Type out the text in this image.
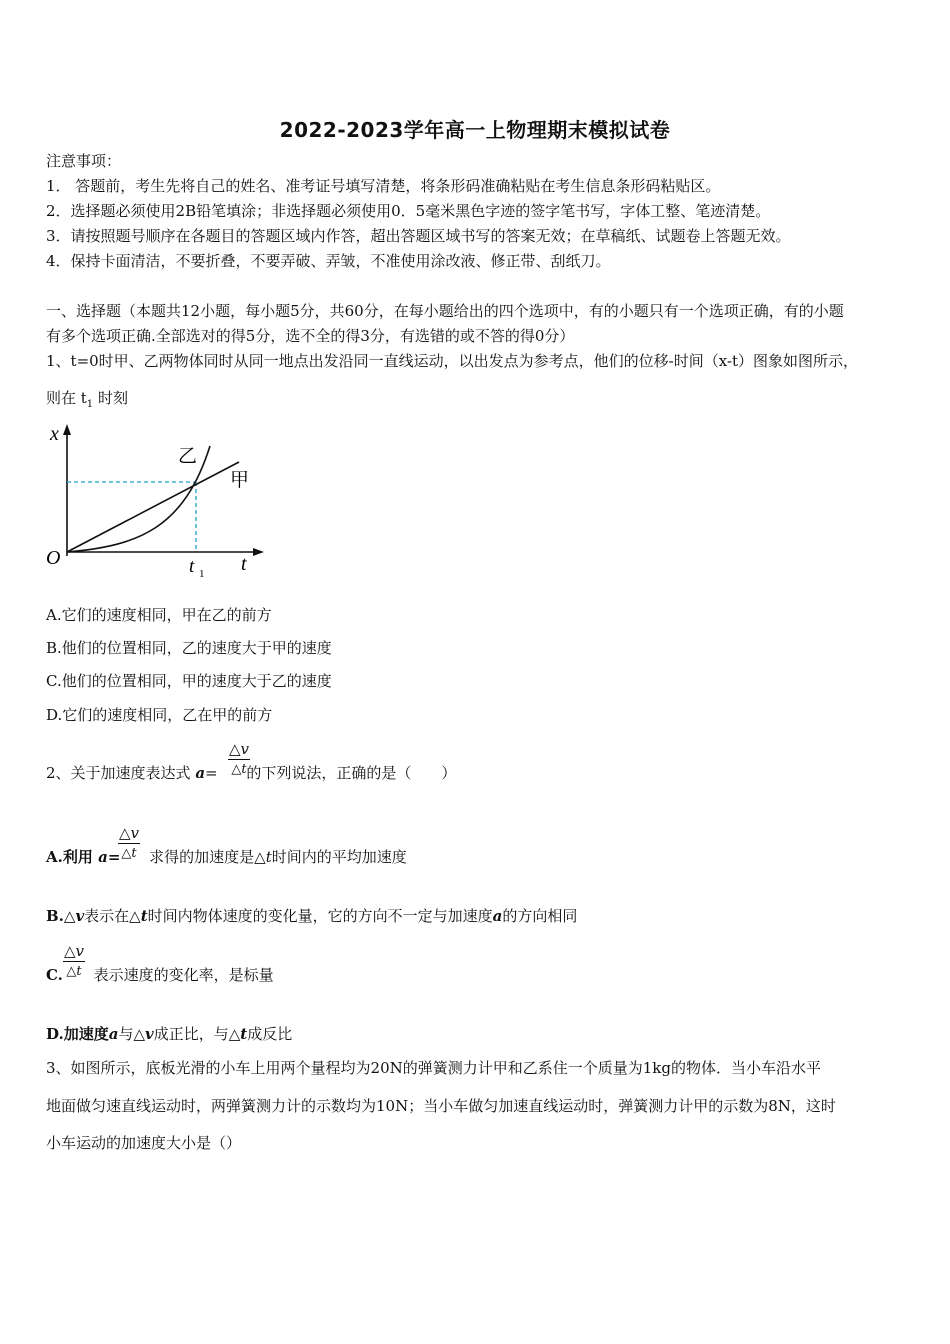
2022-2023学年高一上物理期末模拟试卷
注意事项：
1． 答题前，考生先将自己的姓名、准考证号填写清楚，将条形码准确粘贴在考生信息条形码粘贴区。
2．选择题必须使用2B铅笔填涂；非选择题必须使用0．5毫米黑色字迹的签字笔书写，字体工整、笔迹清楚。
3．请按照题号顺序在各题目的答题区域内作答，超出答题区域书写的答案无效；在草稿纸、试题卷上答题无效。
4．保持卡面清洁，不要折叠，不要弄破、弄皱，不准使用涂改液、修正带、刮纸刀。
一、选择题（本题共12小题，每小题5分，共60分，在每小题给出的四个选项中，有的小题只有一个选项正确，有的小题
有多个选项正确.全部选对的得5分，选不全的得3分，有选错的或不答的得0分）
1、t=0时甲、乙两物体同时从同一地点出发沿同一直线运动，以出发点为参考点，他们的位移-时间（x-t）图象如图所示，
则在 $t_1$ 时刻
x
O	t
t 1
乙
甲
A.它们的速度相同，甲在乙的前方
B.他们的位置相同，乙的速度大于甲的速度
C.他们的位置相同，甲的速度大于乙的速度
D.它们的速度相同，乙在甲的前方
2、关于加速度表达式 a= 的下列说法，正确的是（　　）
$\frac{\triangle v}{\triangle t}$
A.利用 a= 求得的加速度是△t时间内的平均加速度
$\frac{\triangle v}{\triangle t}$
B.△v表示在△t时间内物体速度的变化量，它的方向不一定与加速度a的方向相同
C. 表示速度的变化率，是标量
$\frac{\triangle v}{\triangle t}$
D.加速度a与△v成正比，与△t成反比
3、如图所示，底板光滑的小车上用两个量程均为20N的弹簧测力计甲和乙系住一个质量为1kg的物体．当小车沿水平
地面做匀速直线运动时，两弹簧测力计的示数均为10N；当小车做匀加速直线运动时，弹簧测力计甲的示数为8N，这时
小车运动的加速度大小是（）
